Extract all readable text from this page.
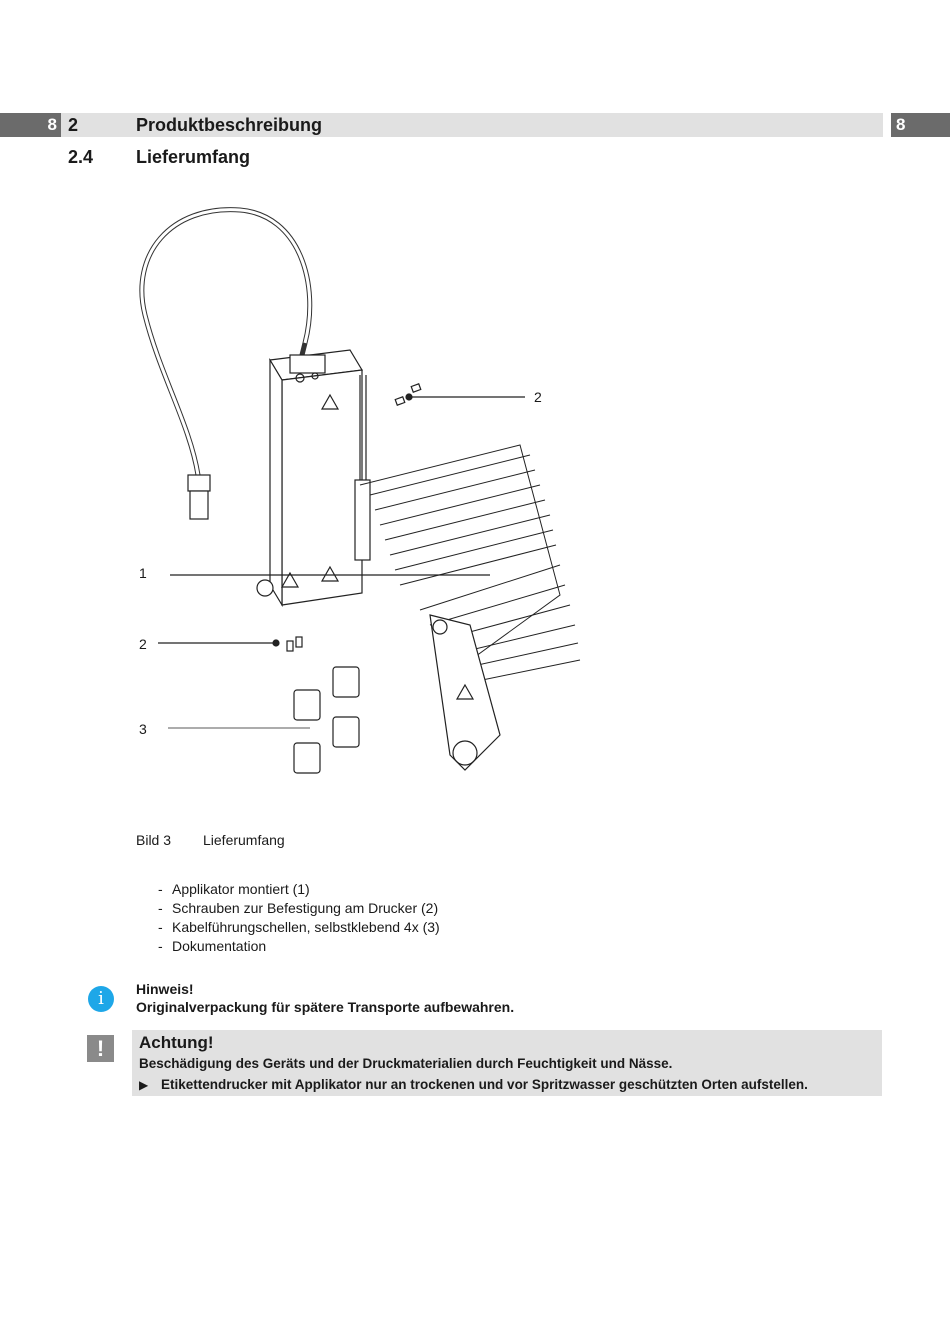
8 2	Produktbeschreibung	8
2.4 Lieferumfang
2
1
2
3
Bild 3 Lieferumfang
- Applikator montiert (1)
- Schrauben zur Befestigung am Drucker (2)
- Kabelführungschellen, selbstklebend 4x (3)
- Dokumentation
i	Hinweis!
Originalverpackung für spätere Transporte aufbewahren.
!	Achtung!
Beschädigung des Geräts und der Druckmaterialien durch Feuchtigkeit und Nässe.
▶ Etikettendrucker mit Applikator nur an trockenen und vor Spritzwasser geschützten Orten aufstellen.
